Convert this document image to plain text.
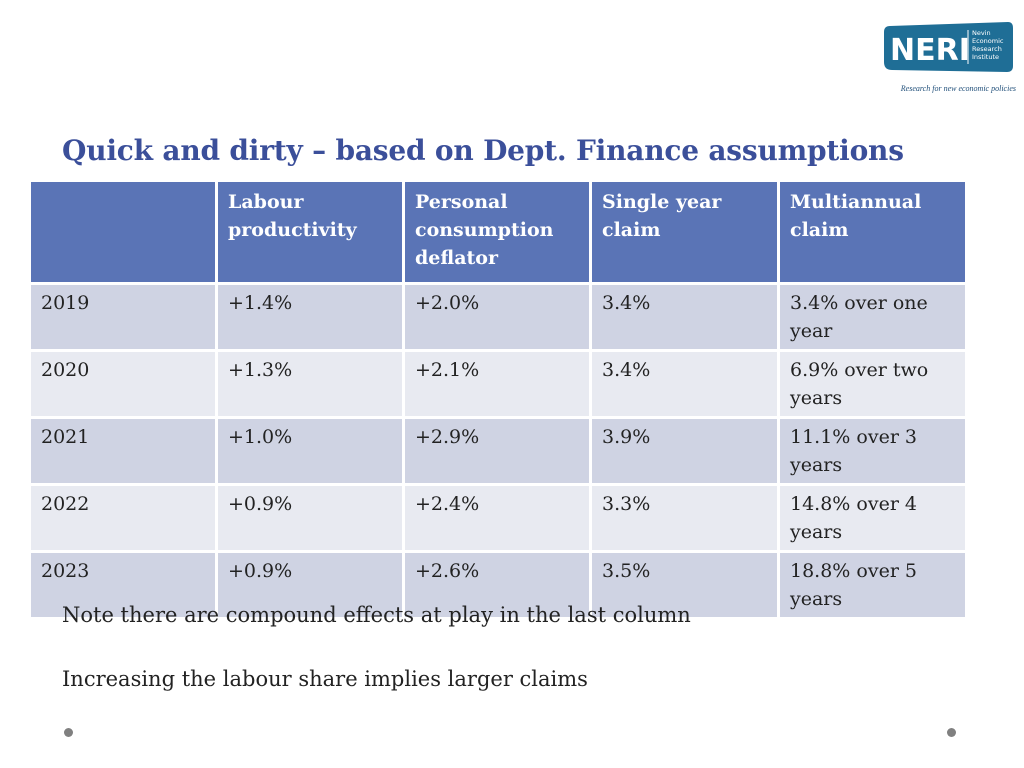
NERI Nevin
Economic
Research
Institute
Research for new economic policies
Quick and dirty – based on Dept. Finance assumptions
	Labour productivity	Personal consumption deflator	Single year claim	Multiannual claim
2019	+1.4%	+2.0%	3.4%	3.4% over one year
2020	+1.3%	+2.1%	3.4%	6.9% over two years
2021	+1.0%	+2.9%	3.9%	11.1% over 3 years
2022	+0.9%	+2.4%	3.3%	14.8% over 4 years
2023	+0.9%	+2.6%	3.5%	18.8% over 5 years
Note there are compound effects at play in the last column
Increasing the labour share implies larger claims
